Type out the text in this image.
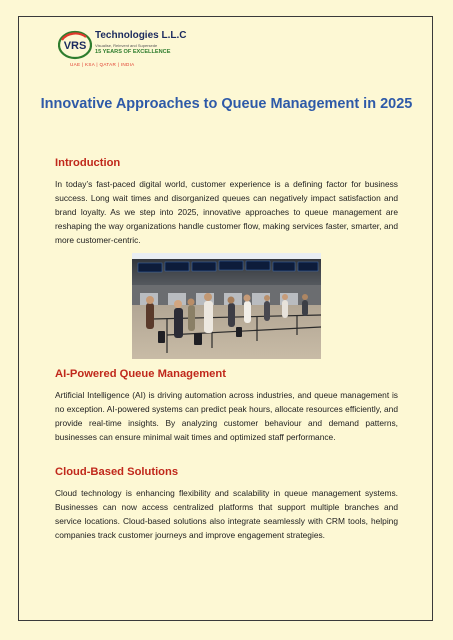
VRS
Technologies L.L.C
Visualise, Reinvent and Supersede
15 YEARS OF EXCELLENCE
UAE | KSA | QATAR | INDIA
Innovative Approaches to Queue Management in 2025
Introduction
In today’s fast-paced digital world, customer experience is a defining factor for business success. Long wait times and disorganized queues can negatively impact satisfaction and brand loyalty. As we step into 2025, innovative approaches to queue management are reshaping the way organizations handle customer flow, making services faster, smarter, and more customer-centric.
AI-Powered Queue Management
Artificial Intelligence (AI) is driving automation across industries, and queue management is no exception. AI-powered systems can predict peak hours, allocate resources efficiently, and provide real-time insights. By analyzing customer behaviour and demand patterns, businesses can ensure minimal wait times and optimized staff performance.
Cloud-Based Solutions
Cloud technology is enhancing flexibility and scalability in queue management systems. Businesses can now access centralized platforms that support multiple branches and service locations. Cloud-based solutions also integrate seamlessly with CRM tools, helping companies track customer journeys and improve engagement strategies.
